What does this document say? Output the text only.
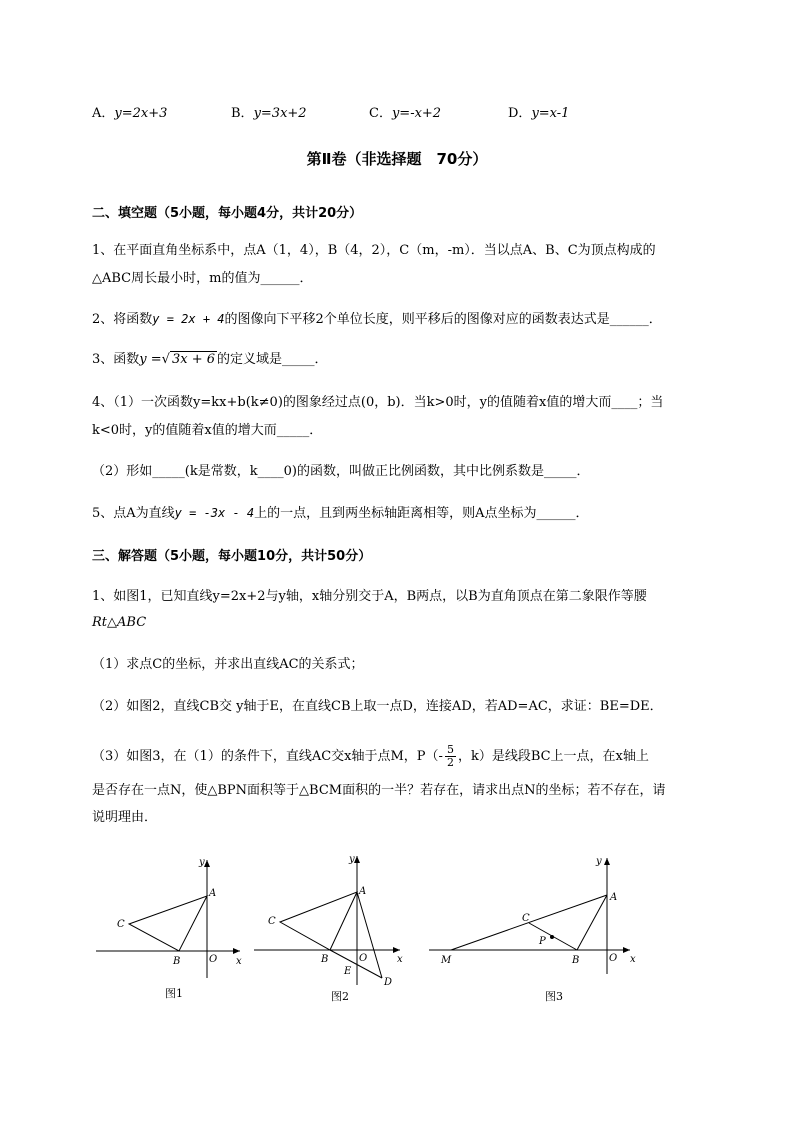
A．y=2x+3	B．y=3x+2	C．y=-x+2	D．y=x-1
第Ⅱ卷（非选择题　70分）
二、填空题（5小题，每小题4分，共计20分）
1、在平面直角坐标系中，点A（1，4），B（4，2），C（m，-m）．当以点A、B、C为顶点构成的
△ABC周长最小时，m的值为______．
2、将函数y = 2x + 4的图像向下平移2个单位长度，则平移后的图像对应的函数表达式是______．
3、函数y =√ 3x + 6 的定义域是_____．
4、（1）一次函数y=kx+b(k≠0)的图象经过点(0，b)．当k>0时，y的值随着x值的增大而____；当
k<0时，y的值随着x值的增大而_____．
（2）形如_____(k是常数，k____0)的函数，叫做正比例函数，其中比例系数是_____．
5、点A为直线y = -3x - 4上的一点，且到两坐标轴距离相等，则A点坐标为______．
三、解答题（5小题，每小题10分，共计50分）
1、如图1，已知直线y=2x+2与y轴，x轴分别交于A，B两点，以B为直角顶点在第二象限作等腰
Rt△ABC
（1）求点C的坐标，并求出直线AC的关系式；
（2）如图2，直线CB交 y轴于E，在直线CB上取一点D，连接AD，若AD=AC，求证：BE=DE．
（3）如图3，在（1）的条件下，直线AC交x轴于点M，$P(- \frac{5}{2}$ ，k）是线段BC上一点，在x轴上
是否存在一点N，使△BPN面积等于△BCM面积的一半？若存在，请求出点N的坐标；若不存在，请
说明理由．
y
x
O
A
B
C
图1
y
x
O
A
B
C
E
D
图2
y
x
O
A
B
C
M
P
图3
